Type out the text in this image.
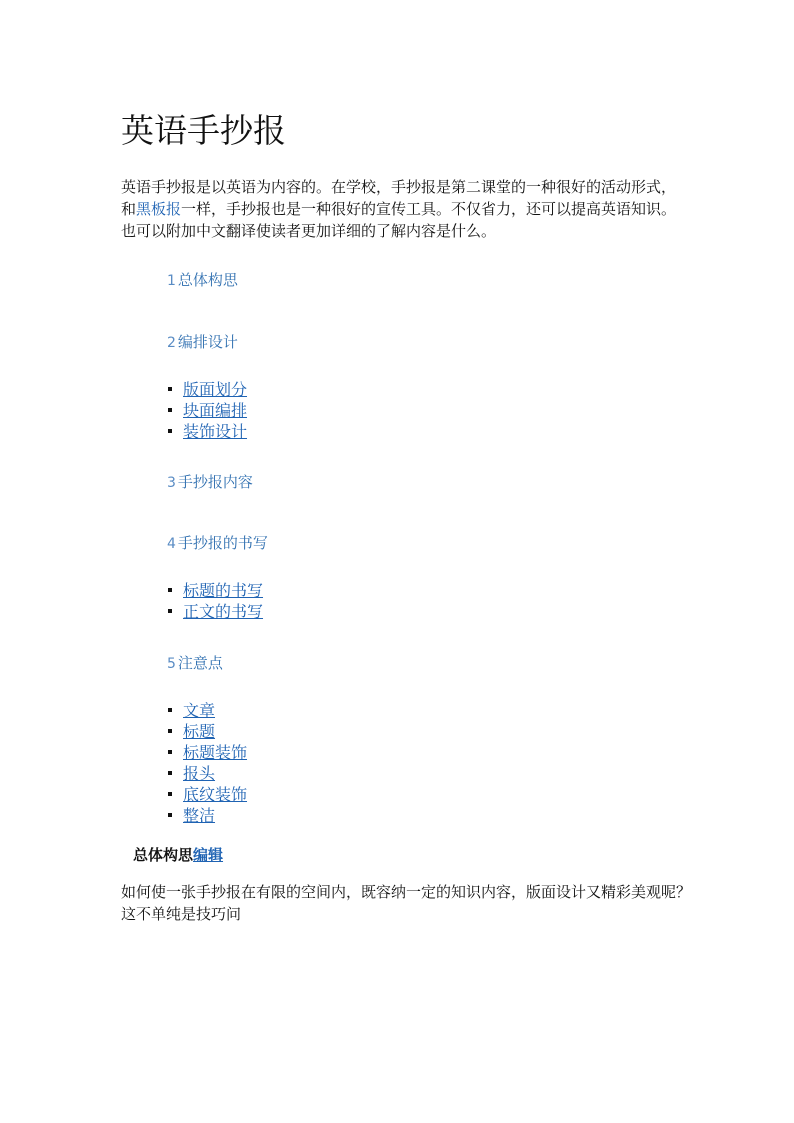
英语手抄报

英语手抄报是以英语为内容的。在学校，手抄报是第二课堂的一种很好的活动形式，和黑板报一样，手抄报也是一种很好的宣传工具。不仅省力，还可以提高英语知识。也可以附加中文翻译使读者更加详细的了解内容是什么。

1 总体构思
2 编排设计
版面划分
块面编排
装饰设计
3 手抄报内容
4 手抄报的书写
标题的书写
正文的书写
5 注意点
文章
标题
标题装饰
报头
底纹装饰
整洁
总体构思编辑

如何使一张手抄报在有限的空间内，既容纳一定的知识内容，版面设计又精彩美观呢？这不单纯是技巧问
